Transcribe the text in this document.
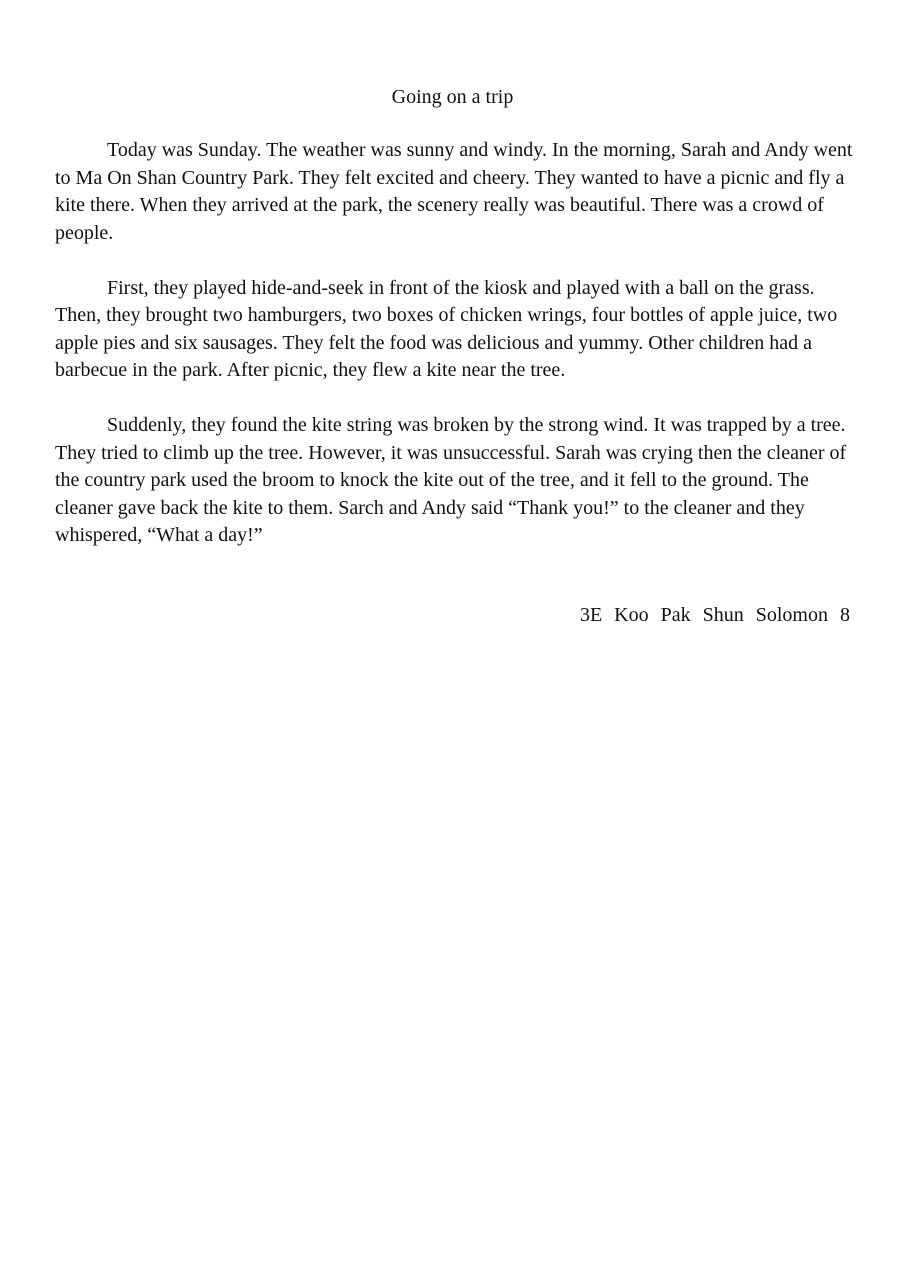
Going on a trip

Today was Sunday. The weather was sunny and windy. In the morning, Sarah and Andy went to Ma On Shan Country Park. They felt excited and cheery. They wanted to have a picnic and fly a kite there. When they arrived at the park, the scenery really was beautiful. There was a crowd of people.

First, they played hide-and-seek in front of the kiosk and played with a ball on the grass. Then, they brought two hamburgers, two boxes of chicken wrings, four bottles of apple juice, two apple pies and six sausages. They felt the food was delicious and yummy. Other children had a barbecue in the park. After picnic, they flew a kite near the tree.

Suddenly, they found the kite string was broken by the strong wind. It was trapped by a tree. They tried to climb up the tree. However, it was unsuccessful. Sarah was crying then the cleaner of the country park used the broom to knock the kite out of the tree, and it fell to the ground. The cleaner gave back the kite to them. Sarch and Andy said “Thank you!” to the cleaner and they whispered, “What a day!”

3E Koo Pak Shun Solomon 8
